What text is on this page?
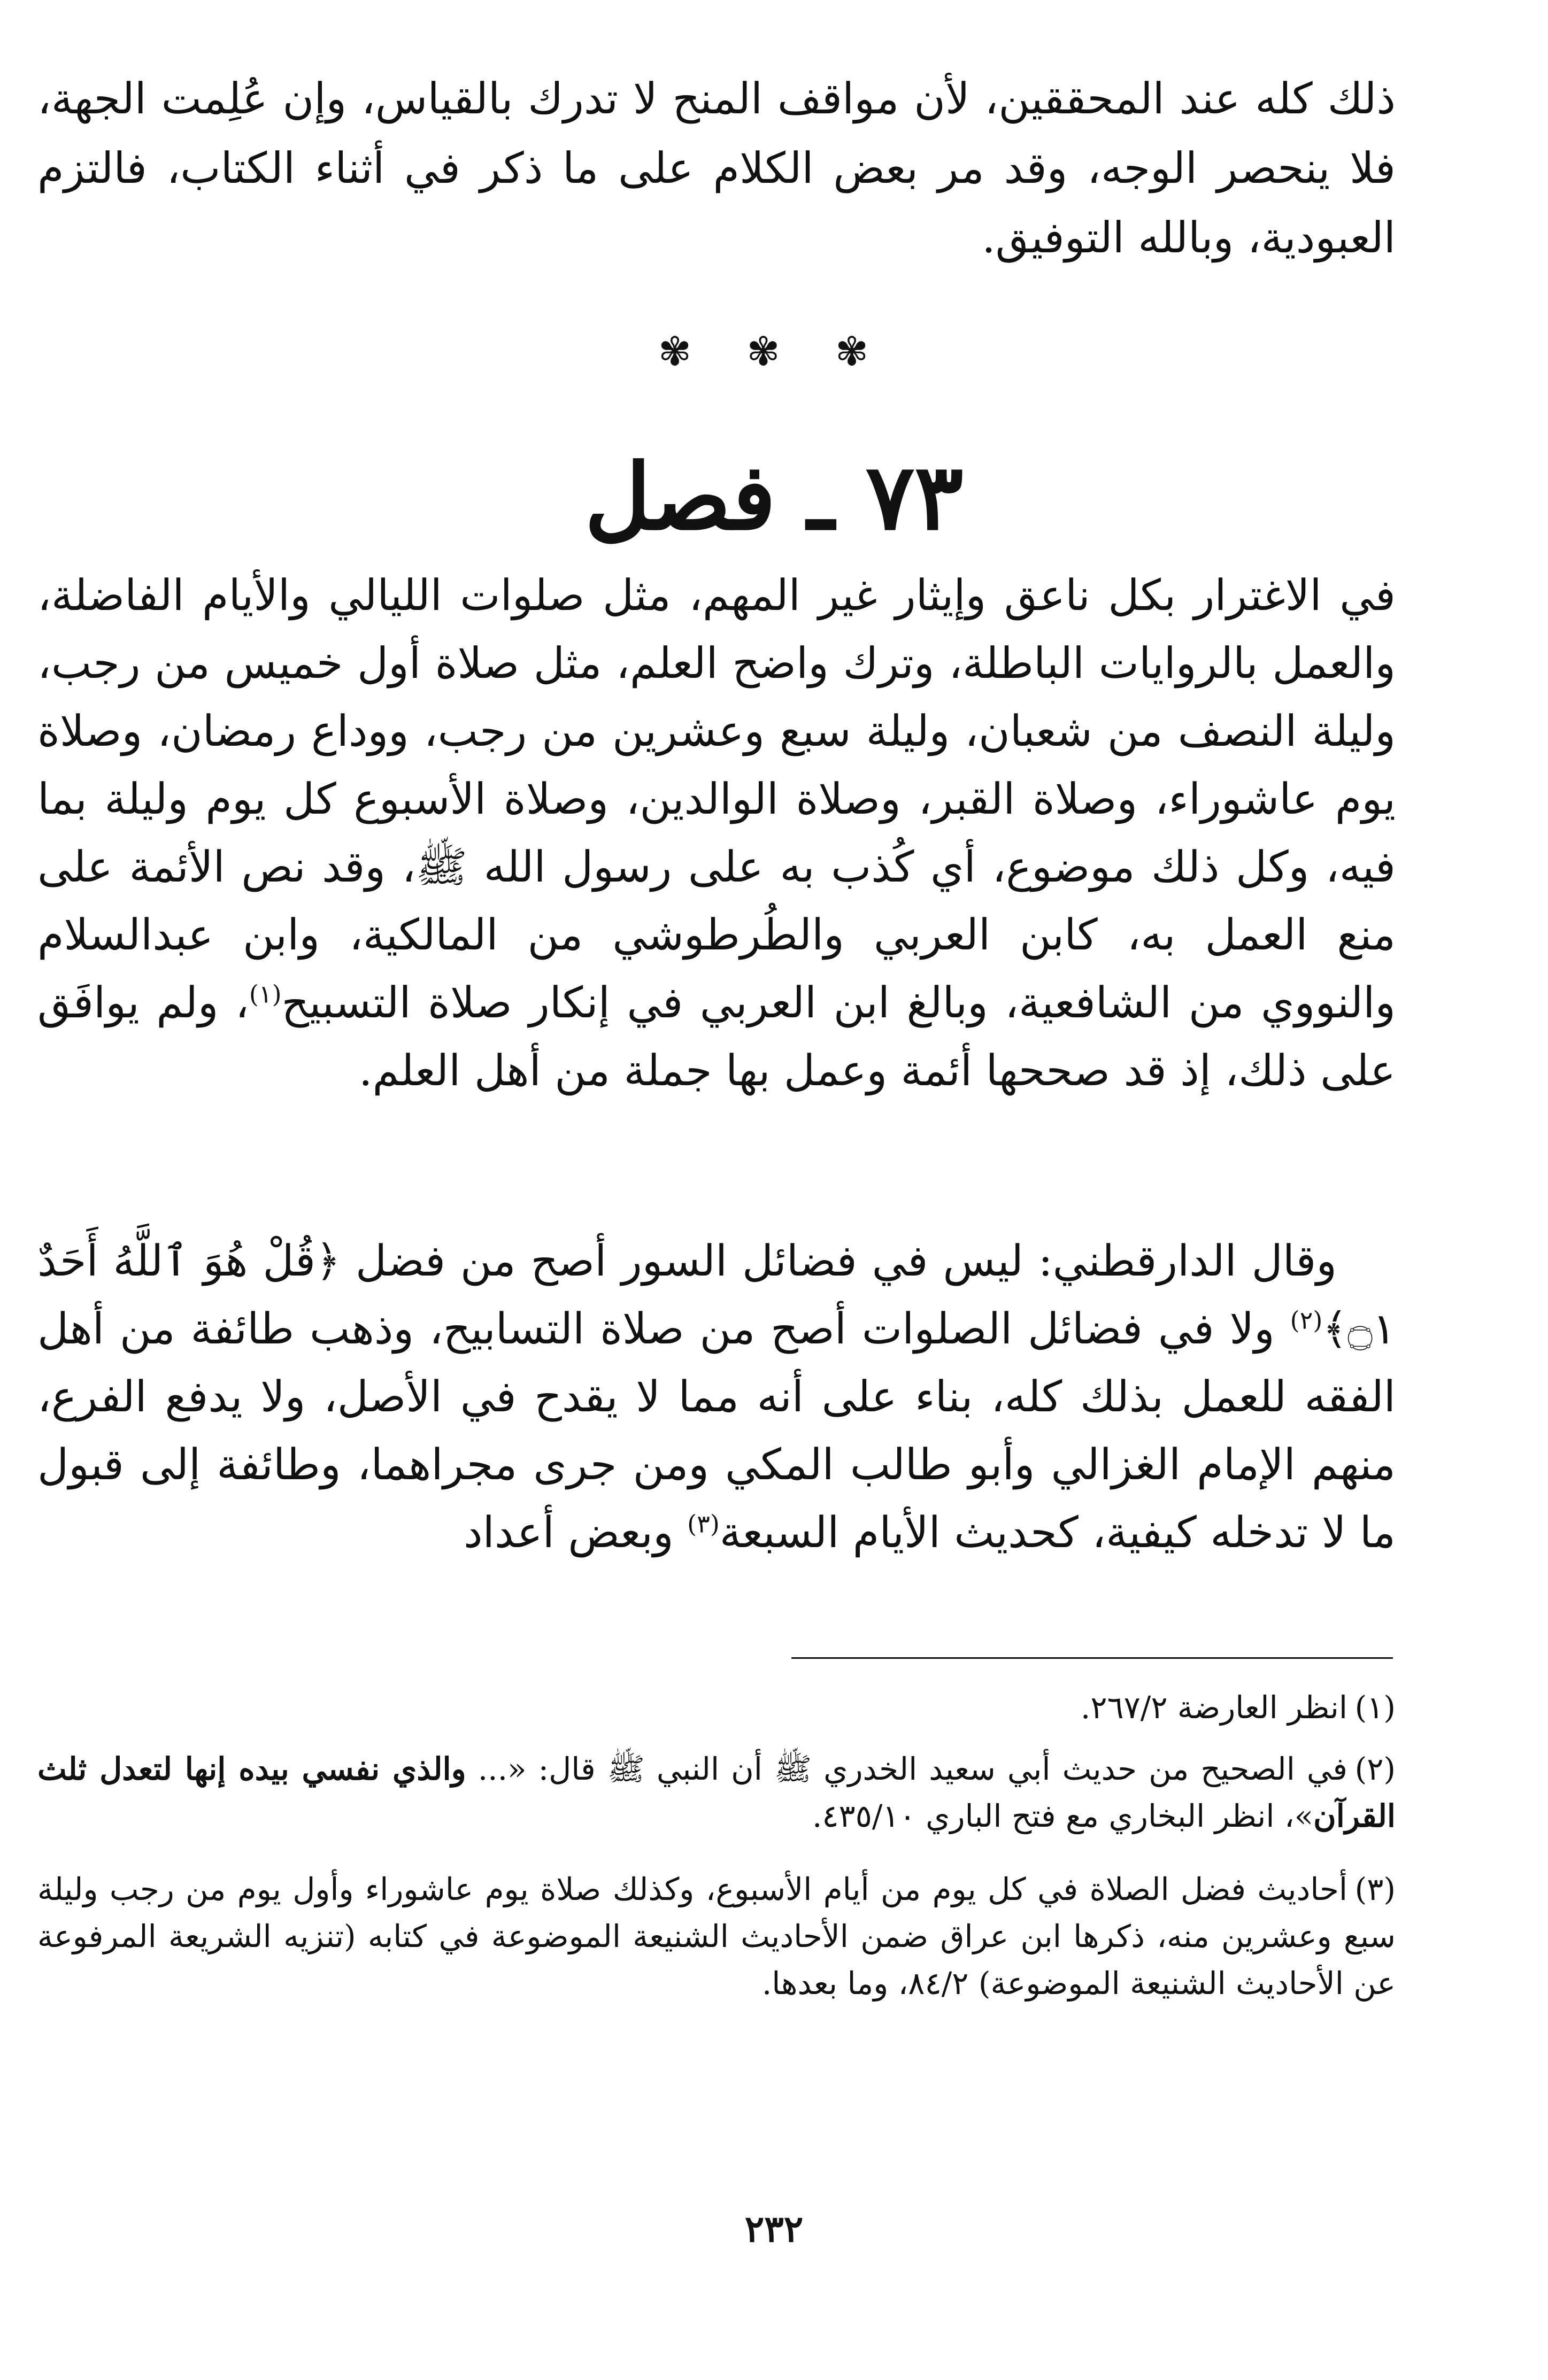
ذلك كله عند المحققين، لأن مواقف المنح لا تدرك بالقياس، وإن عُلِمت الجهة، فلا ينحصر الوجه، وقد مر بعض الكلام على ما ذكر في أثناء الكتاب، فالتزم العبودية، وبالله التوفيق.

✾ ✾ ✾
٧٣ ـ فصل

في الاغترار بكل ناعق وإيثار غير المهم، مثل صلوات الليالي والأيام الفاضلة، والعمل بالروايات الباطلة، وترك واضح العلم، مثل صلاة أول خميس من رجب، وليلة النصف من شعبان، وليلة سبع وعشرين من رجب، ووداع رمضان، وصلاة يوم عاشوراء، وصلاة القبر، وصلاة الوالدين، وصلاة الأسبوع كل يوم وليلة بما فيه، وكل ذلك موضوع، أي كُذب به على رسول الله ﷺ، وقد نص الأئمة على منع العمل به، كابن العربي والطُرطوشي من المالكية، وابن عبدالسلام والنووي من الشافعية، وبالغ ابن العربي في إنكار صلاة التسبيح$^{(١)}$، ولم يوافَق على ذلك، إذ قد صححها أئمة وعمل بها جملة من أهل العلم.

وقال الدارقطني: ليس في فضائل السور أصح من فضل ﴿قُلْ هُوَ ٱللَّهُ أَحَدٌ ۝١﴾$^{(٢)}$ ولا في فضائل الصلوات أصح من صلاة التسابيح، وذهب طائفة من أهل الفقه للعمل بذلك كله، بناء على أنه مما لا يقدح في الأصل، ولا يدفع الفرع، منهم الإمام الغزالي وأبو طالب المكي ومن جرى مجراهما، وطائفة إلى قبول ما لا تدخله كيفية، كحديث الأيام السبعة$^{(٣)}$ وبعض أعداد

(١)انظر العارضة ٢٦٧/٢.
(٢)في الصحيح من حديث أبي سعيد الخدري ﷺ أن النبي ﷺ قال: «... والذي نفسي بيده إنها لتعدل ثلث القرآن»، انظر البخاري مع فتح الباري ٤٣٥/١٠.
(٣)أحاديث فضل الصلاة في كل يوم من أيام الأسبوع، وكذلك صلاة يوم عاشوراء وأول يوم من رجب وليلة سبع وعشرين منه، ذكرها ابن عراق ضمن الأحاديث الشنيعة الموضوعة في كتابه (تنزيه الشريعة المرفوعة عن الأحاديث الشنيعة الموضوعة) ٨٤/٢، وما بعدها.
٢٣٢
